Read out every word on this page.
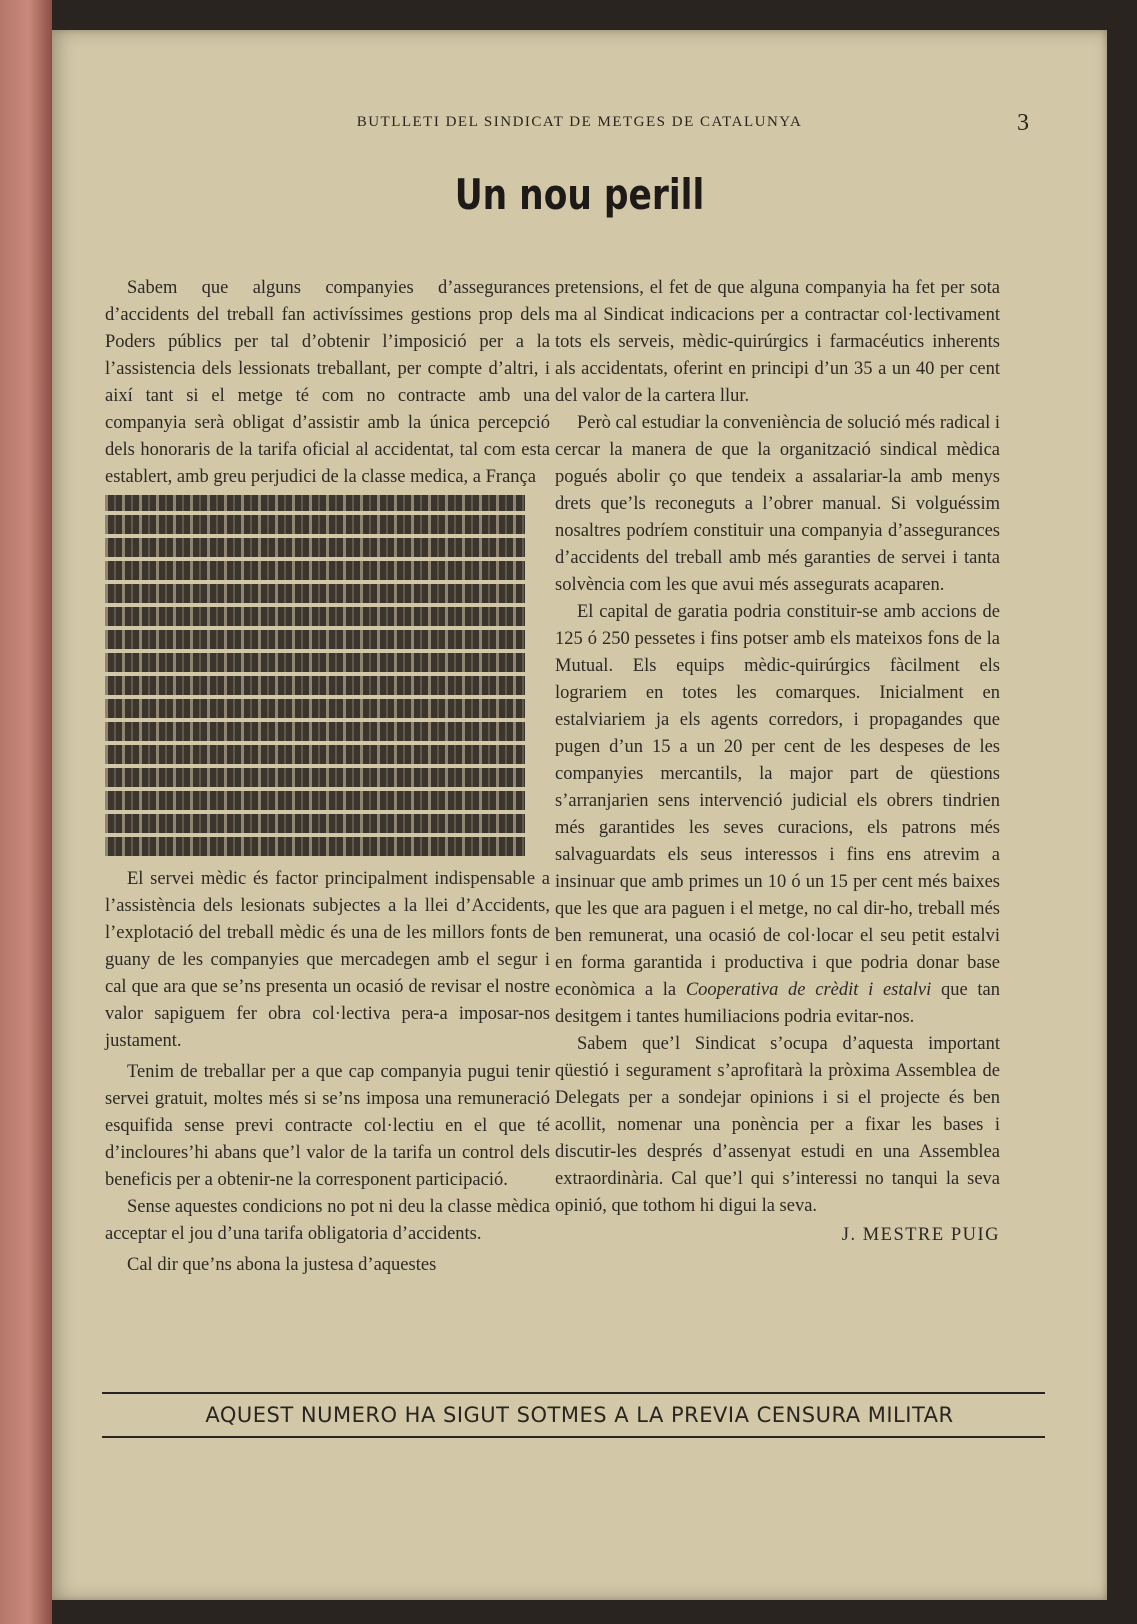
BUTLLETI DEL SINDICAT DE METGES DE CATALUNYA	3
Un nou perill

Sabem que alguns companyies d’assegurances d’accidents del treball fan activíssimes gestions prop dels Poders públics per tal d’obtenir l’imposició per a la l’assistencia dels lessionats treballant, per compte d’altri, i així tant si el metge té com no contracte amb una companyia serà obligat d’assistir amb la única percepció dels honoraris de la tarifa oficial al accidentat, tal com esta establert, amb greu perjudici de la classe medica, a França

El servei mèdic és factor principalment indispensable a l’assistència dels lesionats subjectes a la llei d’Accidents, l’explotació del treball mèdic és una de les millors fonts de guany de les companyies que mercadegen amb el segur i cal que ara que se’ns presenta un ocasió de revisar el nostre valor sapiguem fer obra col·lectiva pera-a imposar-nos justament.

Tenim de treballar per a que cap companyia pugui tenir servei gratuit, moltes més si se’ns imposa una remuneració esquifida sense previ contracte col·lectiu en el que té d’incloures’hi abans que’l valor de la tarifa un control dels beneficis per a obtenir-ne la corresponent participació.

Sense aquestes condicions no pot ni deu la classe mèdica acceptar el jou d’una tarifa obligatoria d’accidents.

Cal dir que’ns abona la justesa d’aquestes

pretensions, el fet de que alguna companyia ha fet per sota ma al Sindicat indicacions per a contractar col·lectivament tots els serveis, mèdic-quirúrgics i farmacéutics inherents als accidentats, oferint en principi d’un 35 a un 40 per cent del valor de la cartera llur.

Però cal estudiar la conveniència de solució més radical i cercar la manera de que la organització sindical mèdica pogués abolir ço que tendeix a assalariar-la amb menys drets que’ls reconeguts a l’obrer manual. Si volguéssim nosaltres podríem constituir una companyia d’assegurances d’accidents del treball amb més garanties de servei i tanta solvència com les que avui més assegurats acaparen.

El capital de garatia podria constituir-se amb accions de 125 ó 250 pessetes i fins potser amb els mateixos fons de la Mutual. Els equips mèdic-quirúrgics fàcilment els lograriem en totes les comarques. Inicialment en estalviariem ja els agents corredors, i propagandes que pugen d’un 15 a un 20 per cent de les despeses de les companyies mercantils, la major part de qüestions s’arranjarien sens intervenció judicial els obrers tindrien més garantides les seves curacions, els patrons més salvaguardats els seus interessos i fins ens atrevim a insinuar que amb primes un 10 ó un 15 per cent més baixes que les que ara paguen i el metge, no cal dir-ho, treball més ben remunerat, una ocasió de col·locar el seu petit estalvi en forma garantida i productiva i que podria donar base econòmica a la Cooperativa de crèdit i estalvi que tan desitgem i tantes humiliacions podria evitar-nos.

Sabem que’l Sindicat s’ocupa d’aquesta important qüestió i segurament s’aprofitarà la pròxima Assemblea de Delegats per a sondejar opinions i si el projecte és ben acollit, nomenar una ponència per a fixar les bases i discutir-les després d’assenyat estudi en una Assemblea extraordinària. Cal que’l qui s’interessi no tanqui la seva opinió, que tothom hi digui la seva.

J. MESTRE PUIG
AQUEST NUMERO HA SIGUT SOTMES A LA PREVIA CENSURA MILITAR
